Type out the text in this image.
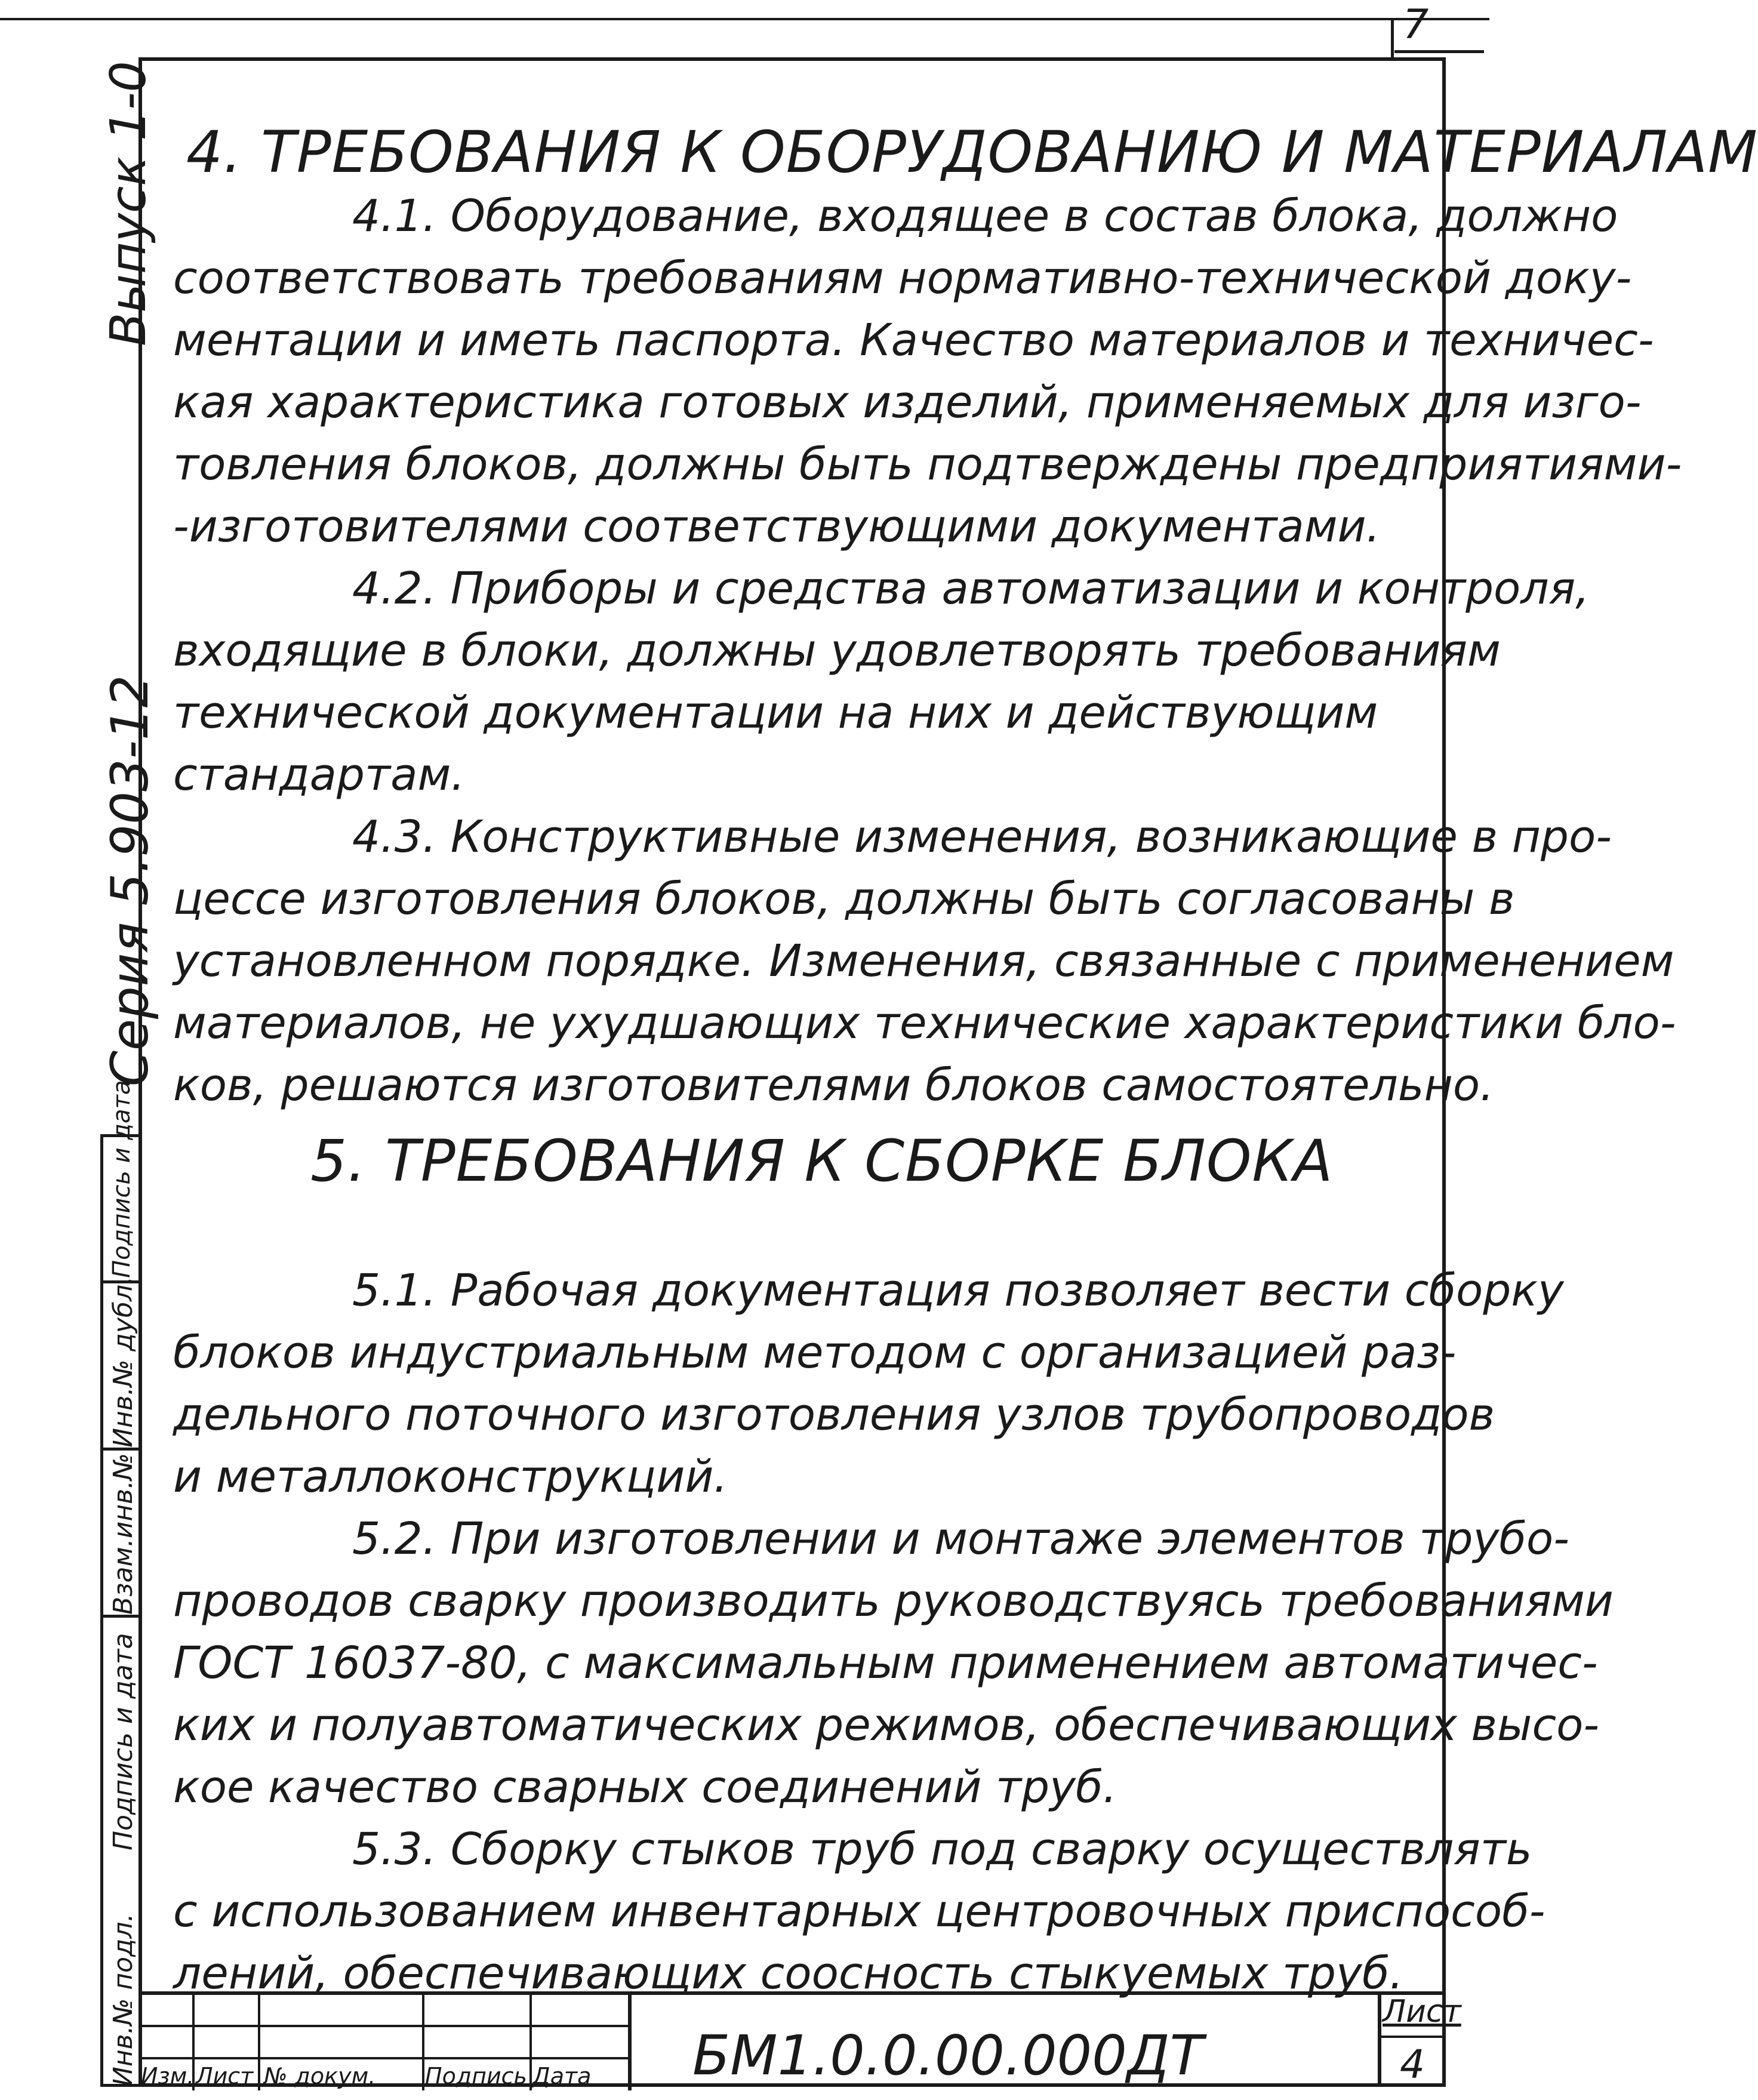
7
Выпуск 1-0
Серия 5.903-12
Инв.№ подл.
Подпись и дата
Взам.инв.№
Инв.№ дубл.
Подпись и дата
4. ТРЕБОВАНИЯ К ОБОРУДОВАНИЮ И МАТЕРИАЛАМ
4.1. Оборудование, входящее в состав блока, должно
соответствовать требованиям нормативно-технической доку-
ментации и иметь паспорта. Качество материалов и техничес-
кая характеристика готовых изделий, применяемых для изго-
товления блоков, должны быть подтверждены предприятиями-
-изготовителями соответствующими документами.
4.2. Приборы и средства автоматизации и контроля,
входящие в блоки, должны удовлетворять требованиям
технической документации на них и действующим
стандартам.
4.3. Конструктивные изменения, возникающие в про-
цессе изготовления блоков, должны быть согласованы в
установленном порядке. Изменения, связанные с применением
материалов, не ухудшающих технические характеристики бло-
ков, решаются изготовителями блоков самостоятельно.
5. ТРЕБОВАНИЯ К СБОРКЕ БЛОКА
5.1. Рабочая документация позволяет вести сборку
блоков индустриальным методом с организацией раз-
дельного поточного изготовления узлов трубопроводов
и металлоконструкций.
5.2. При изготовлении и монтаже элементов трубо-
проводов сварку производить руководствуясь требованиями
ГОСТ 16037-80, с максимальным применением автоматичес-
ких и полуавтоматических режимов, обеспечивающих высо-
кое качество сварных соединений труб.
5.3. Сборку стыков труб под сварку осуществлять
с использованием инвентарных центровочных приспособ-
лений, обеспечивающих соосность стыкуемых труб.
Изм. Лист № докум. Подпись Дата БМ1.0.0.00.000ДТ
Лист
4
